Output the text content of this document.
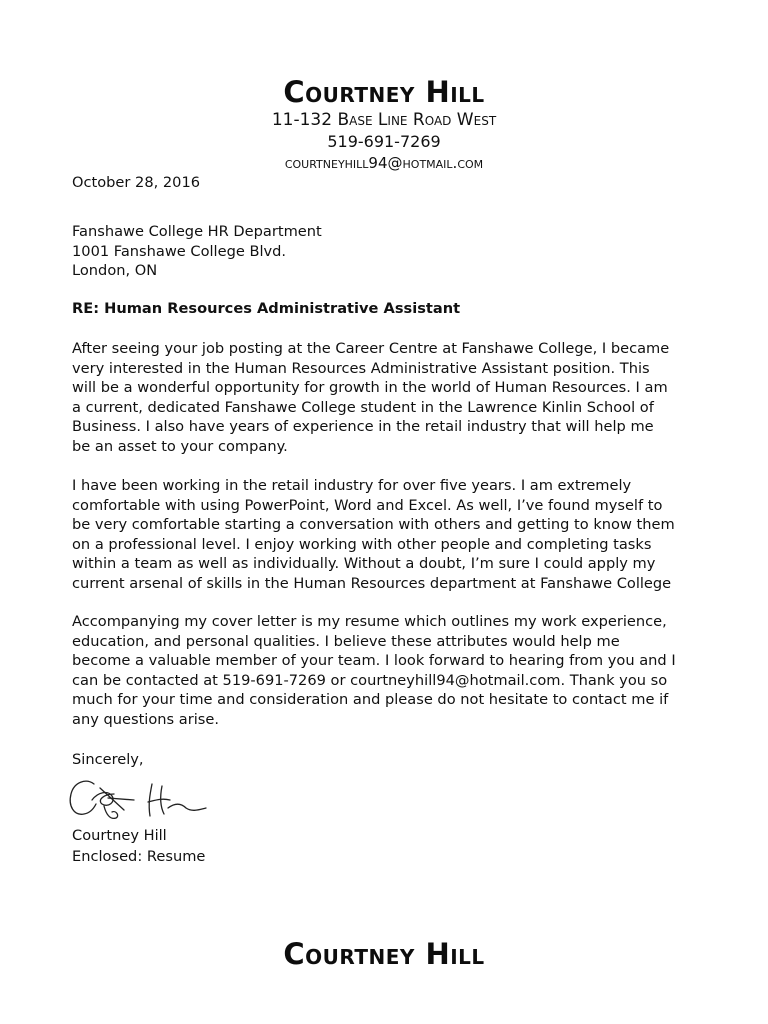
Courtney Hill
11-132 Base Line Road West
519-691-7269
courtneyhill94@hotmail.com
October 28, 2016
Fanshawe College HR Department
1001 Fanshawe College Blvd.
London, ON
RE: Human Resources Administrative Assistant
After seeing your job posting at the Career Centre at Fanshawe College, I became
very interested in the Human Resources Administrative Assistant position. This
will be a wonderful opportunity for growth in the world of Human Resources. I am
a current, dedicated Fanshawe College student in the Lawrence Kinlin School of
Business. I also have years of experience in the retail industry that will help me
be an asset to your company.
I have been working in the retail industry for over five years. I am extremely
comfortable with using PowerPoint, Word and Excel. As well, I’ve found myself to
be very comfortable starting a conversation with others and getting to know them
on a professional level. I enjoy working with other people and completing tasks
within a team as well as individually. Without a doubt, I’m sure I could apply my
current arsenal of skills in the Human Resources department at Fanshawe College
Accompanying my cover letter is my resume which outlines my work experience,
education, and personal qualities. I believe these attributes would help me
become a valuable member of your team. I look forward to hearing from you and I
can be contacted at 519-691-7269 or courtneyhill94@hotmail.com. Thank you so
much for your time and consideration and please do not hesitate to contact me if
any questions arise.
Sincerely,
Courtney Hill
Enclosed: Resume
Courtney Hill
